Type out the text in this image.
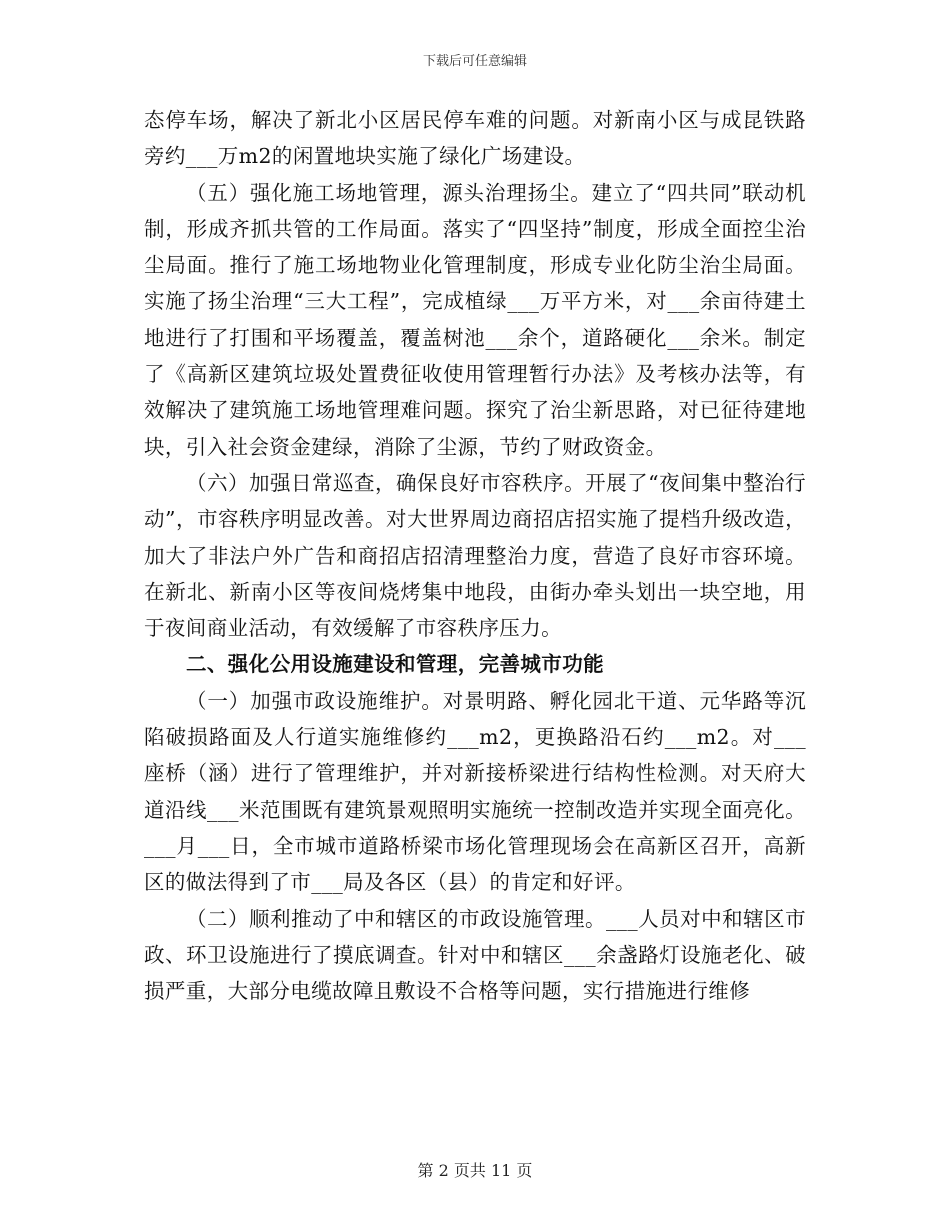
下载后可任意编辑

态停车场，解决了新北小区居民停车难的问题。对新南小区与成昆铁路旁约___万m2的闲置地块实施了绿化广场建设。

（五）强化施工场地管理，源头治理扬尘。建立了“四共同”联动机制，形成齐抓共管的工作局面。落实了“四坚持”制度，形成全面控尘治尘局面。推行了施工场地物业化管理制度，形成专业化防尘治尘局面。实施了扬尘治理“三大工程”，完成植绿___万平方米，对___余亩待建土地进行了打围和平场覆盖，覆盖树池___余个，道路硬化___余米。制定了《高新区建筑垃圾处置费征收使用管理暂行办法》及考核办法等，有效解决了建筑施工场地管理难问题。探究了治尘新思路，对已征待建地块，引入社会资金建绿，消除了尘源，节约了财政资金。

（六）加强日常巡查，确保良好市容秩序。开展了“夜间集中整治行动”，市容秩序明显改善。对大世界周边商招店招实施了提档升级改造，加大了非法户外广告和商招店招清理整治力度，营造了良好市容环境。在新北、新南小区等夜间烧烤集中地段，由街办牵头划出一块空地，用于夜间商业活动，有效缓解了市容秩序压力。

二、强化公用设施建设和管理，完善城市功能

（一）加强市政设施维护。对景明路、孵化园北干道、元华路等沉陷破损路面及人行道实施维修约___m2，更换路沿石约___m2。对___座桥（涵）进行了管理维护，并对新接桥梁进行结构性检测。对天府大道沿线___米范围既有建筑景观照明实施统一控制改造并实现全面亮化。___月___日，全市城市道路桥梁市场化管理现场会在高新区召开，高新区的做法得到了市___局及各区（县）的肯定和好评。

（二）顺利推动了中和辖区的市政设施管理。___人员对中和辖区市政、环卫设施进行了摸底调查。针对中和辖区___余盏路灯设施老化、破损严重，大部分电缆故障且敷设不合格等问题，实行措施进行维修

第 2 页共 11 页
